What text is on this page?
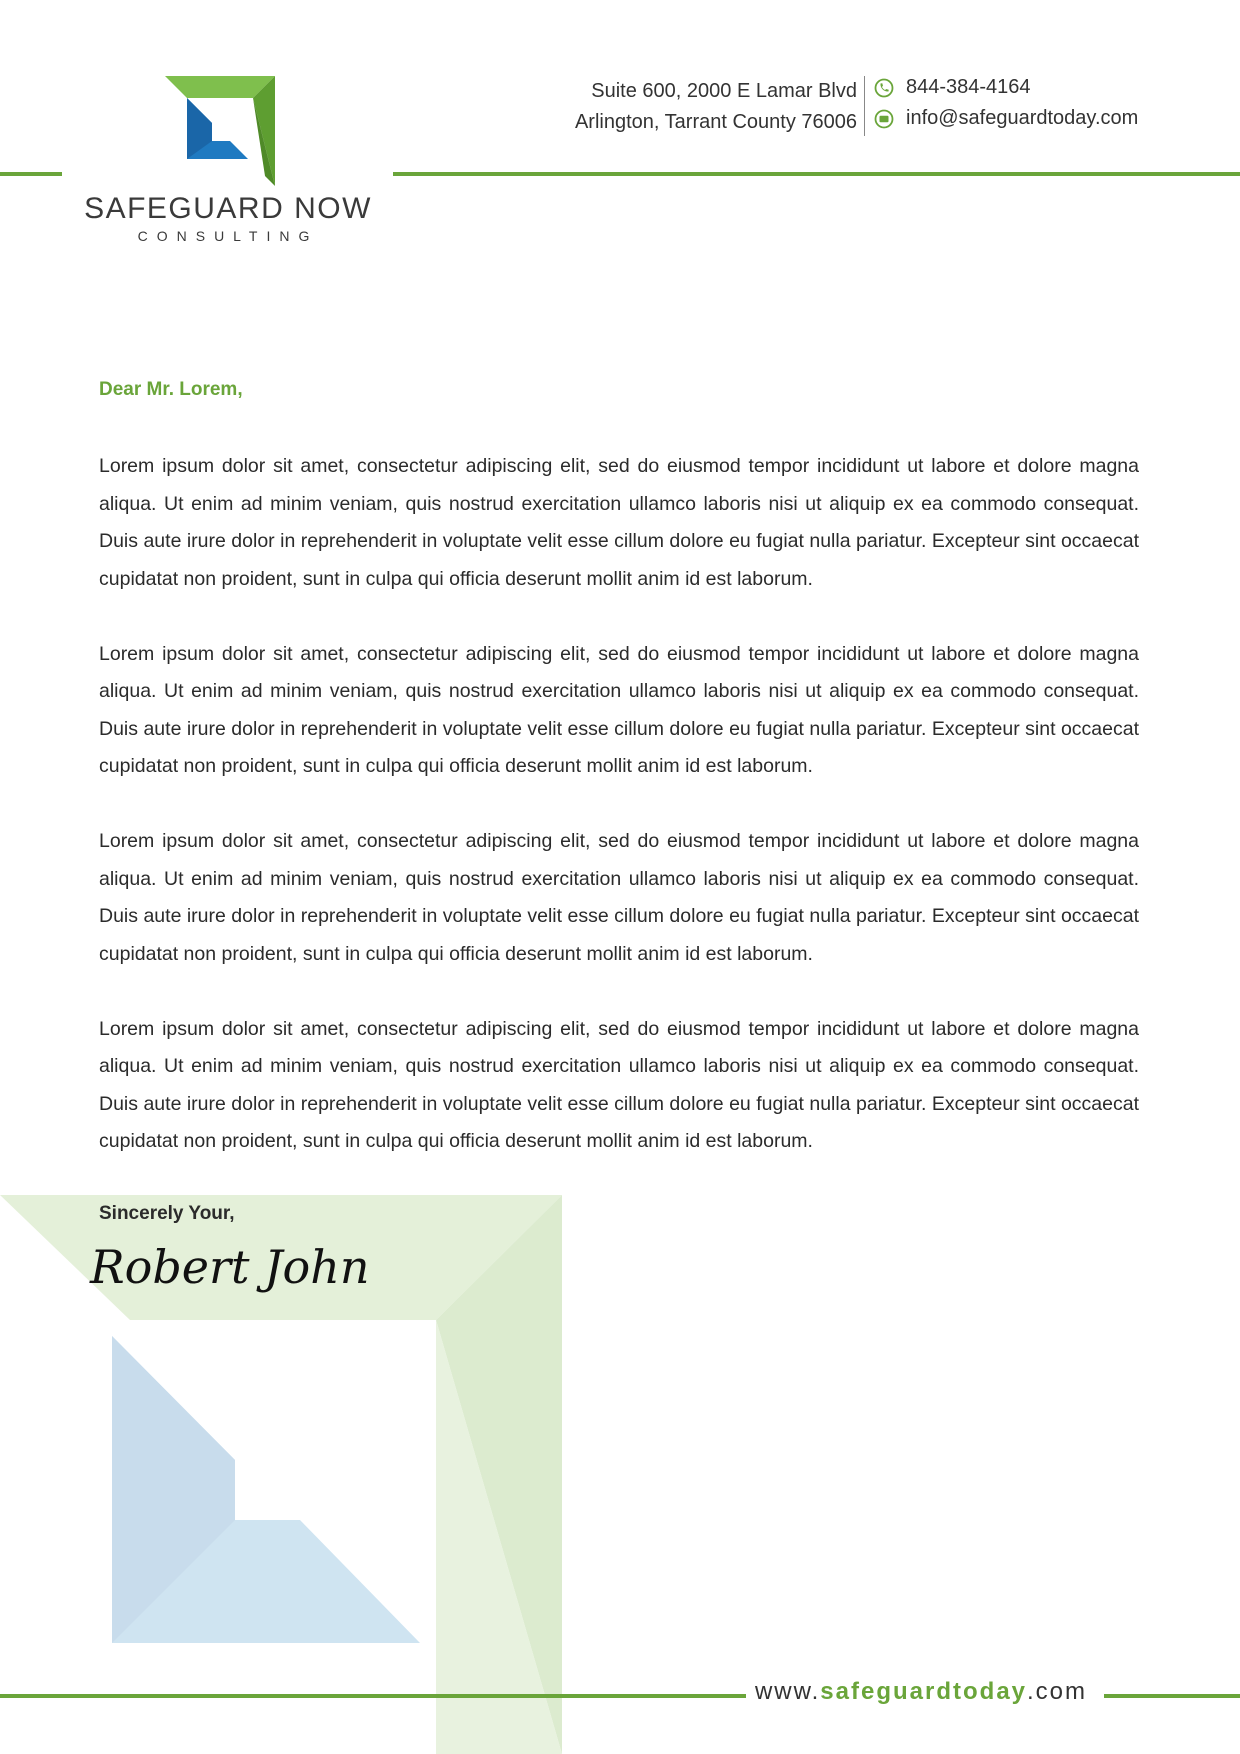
SAFEGUARD NOW
CONSULTING
Suite 600, 2000 E Lamar Blvd
Arlington, Tarrant County 76006
844-384-4164
info@safeguardtoday.com
Dear Mr. Lorem,

Lorem ipsum dolor sit amet, consectetur adipiscing elit, sed do eiusmod tempor incididunt ut labore et dolore magna aliqua. Ut enim ad minim veniam, quis nostrud exercitation ullamco laboris nisi ut aliquip ex ea commodo consequat. Duis aute irure dolor in reprehenderit in voluptate velit esse cillum dolore eu fugiat nulla pariatur. Excepteur sint occaecat cupidatat non proident, sunt in culpa qui officia deserunt mollit anim id est laborum.

Lorem ipsum dolor sit amet, consectetur adipiscing elit, sed do eiusmod tempor incididunt ut labore et dolore magna aliqua. Ut enim ad minim veniam, quis nostrud exercitation ullamco laboris nisi ut aliquip ex ea commodo consequat. Duis aute irure dolor in reprehenderit in voluptate velit esse cillum dolore eu fugiat nulla pariatur. Excepteur sint occaecat cupidatat non proident, sunt in culpa qui officia deserunt mollit anim id est laborum.

Lorem ipsum dolor sit amet, consectetur adipiscing elit, sed do eiusmod tempor incididunt ut labore et dolore magna aliqua. Ut enim ad minim veniam, quis nostrud exercitation ullamco laboris nisi ut aliquip ex ea commodo consequat. Duis aute irure dolor in reprehenderit in voluptate velit esse cillum dolore eu fugiat nulla pariatur. Excepteur sint occaecat cupidatat non proident, sunt in culpa qui officia deserunt mollit anim id est laborum.

Lorem ipsum dolor sit amet, consectetur adipiscing elit, sed do eiusmod tempor incididunt ut labore et dolore magna aliqua. Ut enim ad minim veniam, quis nostrud exercitation ullamco laboris nisi ut aliquip ex ea commodo consequat. Duis aute irure dolor in reprehenderit in voluptate velit esse cillum dolore eu fugiat nulla pariatur. Excepteur sint occaecat cupidatat non proident, sunt in culpa qui officia deserunt mollit anim id est laborum.

Sincerely Your,
Robert John
www.safeguardtoday.com
